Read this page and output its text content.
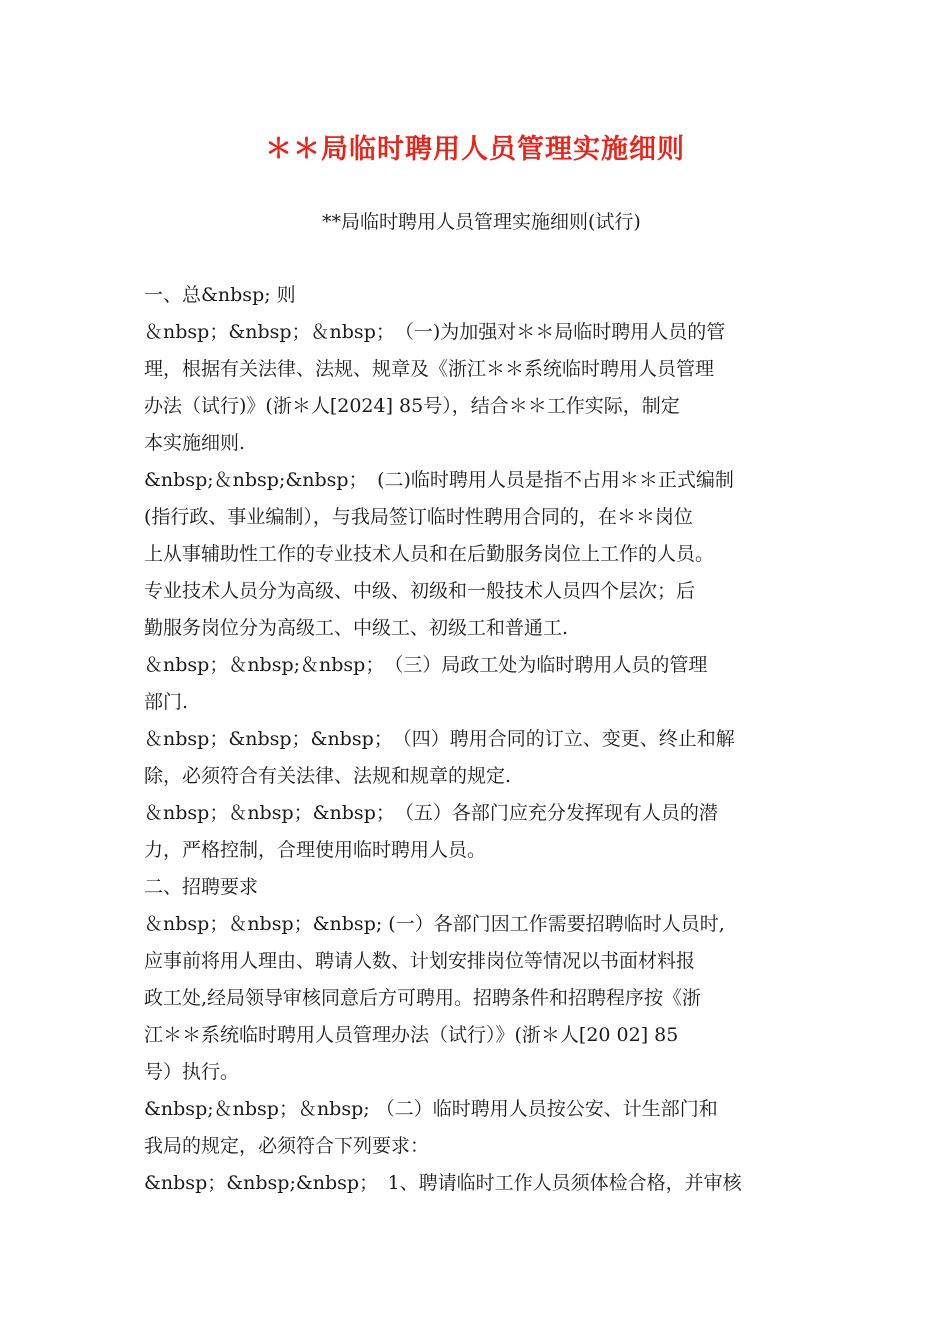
＊＊局临时聘用人员管理实施细则

**局临时聘用人员管理实施细则(试行)

一、总&nbsp; 则
＆nbsp；&nbsp；＆nbsp；　（一)为加强对＊＊局临时聘用人员的管
理，根据有关法律、法规、规章及《浙江＊＊系统临时聘用人员管理
办法（试行)》(浙＊人[2024] 85号），结合＊＊工作实际，制定
本实施细则.
&nbsp;＆nbsp;&nbsp；　(二)临时聘用人员是指不占用＊＊正式编制
(指行政、事业编制），与我局签订临时性聘用合同的，在＊＊岗位
上从事辅助性工作的专业技术人员和在后勤服务岗位上工作的人员。
专业技术人员分为高级、中级、初级和一般技术人员四个层次；后
勤服务岗位分为高级工、中级工、初级工和普通工.
＆nbsp；＆nbsp;＆nbsp；　（三）局政工处为临时聘用人员的管理
部门.
＆nbsp；&nbsp；&nbsp；　（四）聘用合同的订立、变更、终止和解
除，必须符合有关法律、法规和规章的规定.
＆nbsp；＆nbsp；&nbsp；　（五）各部门应充分发挥现有人员的潜
力，严格控制，合理使用临时聘用人员。
二、招聘要求
＆nbsp；＆nbsp；&nbsp; (一）各部门因工作需要招聘临时人员时,
应事前将用人理由、聘请人数、计划安排岗位等情况以书面材料报
政工处,经局领导审核同意后方可聘用。招聘条件和招聘程序按《浙
江＊＊系统临时聘用人员管理办法（试行）》(浙＊人[20 02] 85
号）执行。
&nbsp;＆nbsp；＆nbsp; （二）临时聘用人员按公安、计生部门和
我局的规定，必须符合下列要求：
&nbsp；&nbsp;&nbsp；　1、聘请临时工作人员须体检合格，并审核
